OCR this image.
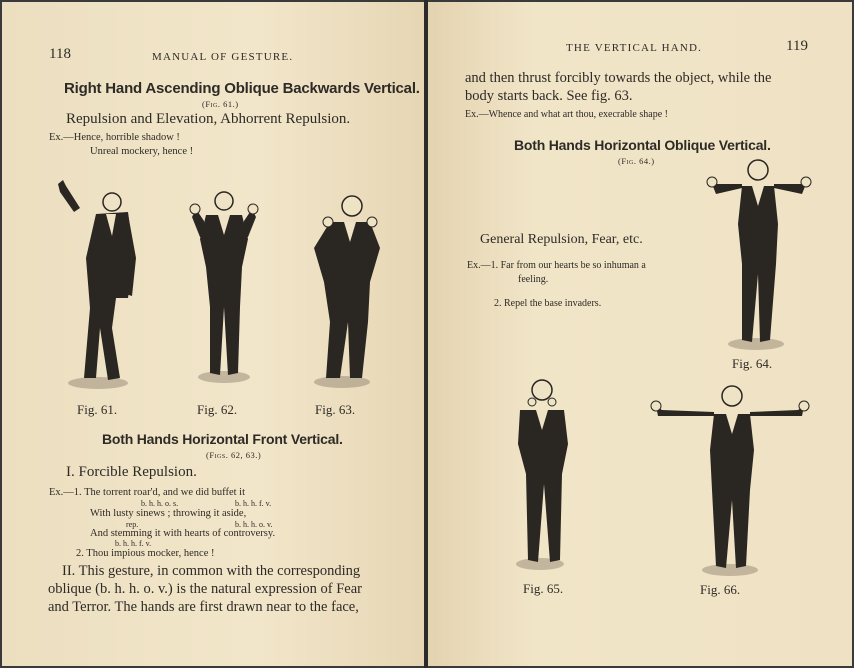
118	MANUAL OF GESTURE.
Right Hand Ascending Oblique Backwards Vertical.
(Fig. 61.)
Repulsion and Elevation, Abhorrent Repulsion.
Ex.—Hence, horrible shadow !
Unreal mockery, hence !
Fig. 61.	Fig. 62.	Fig. 63.
Both Hands Horizontal Front Vertical.
(Figs. 62, 63.)
I. Forcible Repulsion.
Ex.—1. The torrent roar'd, and we did buffet it
b. h. h. o. s.	b. h. h. f. v.
With lusty sinews ; throwing it aside,
rep.	b. h. h. o. v.
And stemming it with hearts of controversy.
b. h. h. f. v.
2. Thou impious mocker, hence !
II. This gesture, in common with the corresponding
oblique (b. h. h. o. v.) is the natural expression of Fear
and Terror. The hands are first drawn near to the face,
THE VERTICAL HAND.	119
and then thrust forcibly towards the object, while the
body starts back. See fig. 63.
Ex.—Whence and what art thou, execrable shape !
Both Hands Horizontal Oblique Vertical.
(Fig. 64.)
General Repulsion, Fear, etc.
Ex.—1. Far from our hearts be so inhuman a
feeling.
2. Repel the base invaders.
Fig. 64.
Fig. 65.	Fig. 66.
